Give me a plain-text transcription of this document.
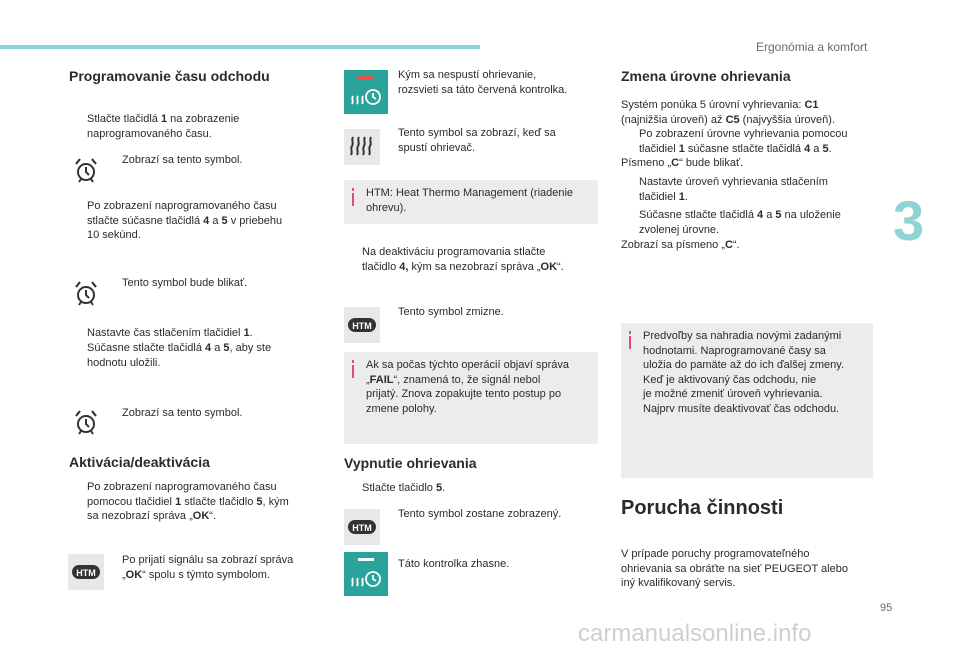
Ergonómia a komfort
3
95
carmanualsonline.info
Programovanie času odchodu
Stlačte tlačidlá 1 na zobrazenie
naprogramovaného času.
Zobrazí sa tento symbol.
Po zobrazení naprogramovaného času
stlačte súčasne tlačidlá 4 a 5 v priebehu
10 sekúnd.
Tento symbol bude blikať.
Nastavte čas stlačením tlačidiel 1.
Súčasne stlačte tlačidlá 4 a 5, aby ste
hodnotu uložili.
Zobrazí sa tento symbol.
Aktivácia/deaktivácia
Po zobrazení naprogramovaného času
pomocou tlačidiel 1 stlačte tlačidlo 5, kým
sa nezobrazí správa „OK“.
HTM
Po prijatí signálu sa zobrazí správa
„OK“ spolu s týmto symbolom.
Kým sa nespustí ohrievanie,
rozsvieti sa táto červená kontrolka.
Tento symbol sa zobrazí, keď sa
spustí ohrievač.
HTM: Heat Thermo Management (riadenie
ohrevu).
Na deaktiváciu programovania stlačte
tlačidlo 4, kým sa nezobrazí správa „OK“.
HTM
Tento symbol zmizne.
Ak sa počas týchto operácií objaví správa
„FAIL“, znamená to, že signál nebol
prijatý. Znova zopakujte tento postup po
zmene polohy.
Vypnutie ohrievania
Stlačte tlačidlo 5.
HTM
Tento symbol zostane zobrazený.
Táto kontrolka zhasne.
Zmena úrovne ohrievania
Systém ponúka 5 úrovní vyhrievania: C1
(najnižšia úroveň) až C5 (najvyššia úroveň).
Po zobrazení úrovne vyhrievania pomocou
tlačidiel 1 súčasne stlačte tlačidlá 4 a 5.
Písmeno „C“ bude blikať.
Nastavte úroveň vyhrievania stlačením
tlačidiel 1.
Súčasne stlačte tlačidlá 4 a 5 na uloženie
zvolenej úrovne.
Zobrazí sa písmeno „C“.
Predvoľby sa nahradia novými zadanými
hodnotami. Naprogramované časy sa
uložia do pamäte až do ich ďalšej zmeny.
Keď je aktivovaný čas odchodu, nie
je možné zmeniť úroveň vyhrievania.
Najprv musíte deaktivovať čas odchodu.
Porucha činnosti
V prípade poruchy programovateľného
ohrievania sa obráťte na sieť PEUGEOT alebo
iný kvalifikovaný servis.
